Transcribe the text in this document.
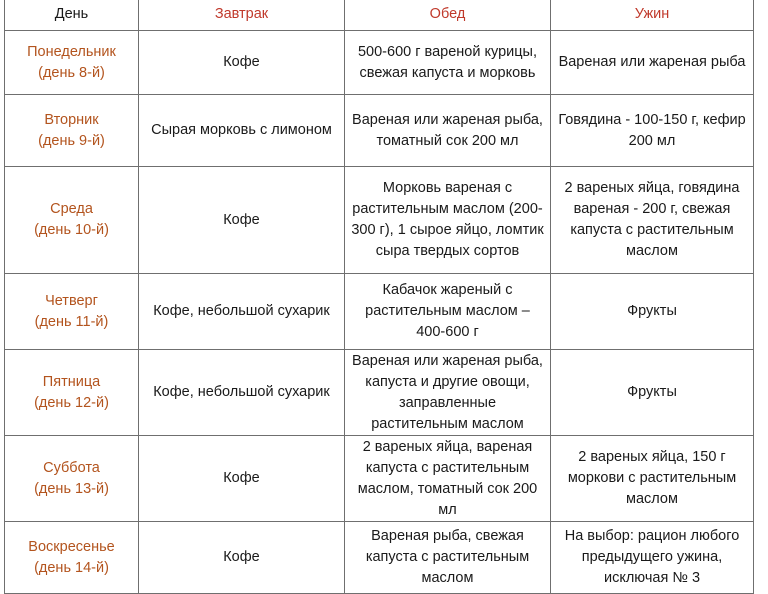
День	Завтрак	Обед	Ужин

Понедельник
(день 8-й)	Кофе	500-600 г вареной курицы, свежая капуста и морковь	Вареная или жареная рыба

Вторник
(день 9-й)	Сырая морковь с лимоном	Вареная или жареная рыба, томатный сок 200 мл	Говядина - 100-150 г, кефир 200 мл

Среда
(день 10-й)	Кофе	Морковь вареная с растительным маслом (200-300 г), 1 сырое яйцо, ломтик сыра твердых сортов	2 вареных яйца, говядина вареная - 200 г, свежая капуста с растительным маслом

Четверг
(день 11-й)	Кофе, небольшой сухарик	Кабачок жареный с растительным маслом – 400-600 г	Фрукты

Пятница
(день 12-й)	Кофе, небольшой сухарик	Вареная или жареная рыба, капуста и другие овощи, заправленные растительным маслом	Фрукты

Суббота
(день 13-й)	Кофе	2 вареных яйца, вареная капуста с растительным маслом, томатный сок 200 мл	2 вареных яйца, 150 г моркови с растительным маслом

Воскресенье
(день 14-й)	Кофе	Вареная рыба, свежая капуста с растительным маслом	На выбор: рацион любого предыдущего ужина, исключая № 3
